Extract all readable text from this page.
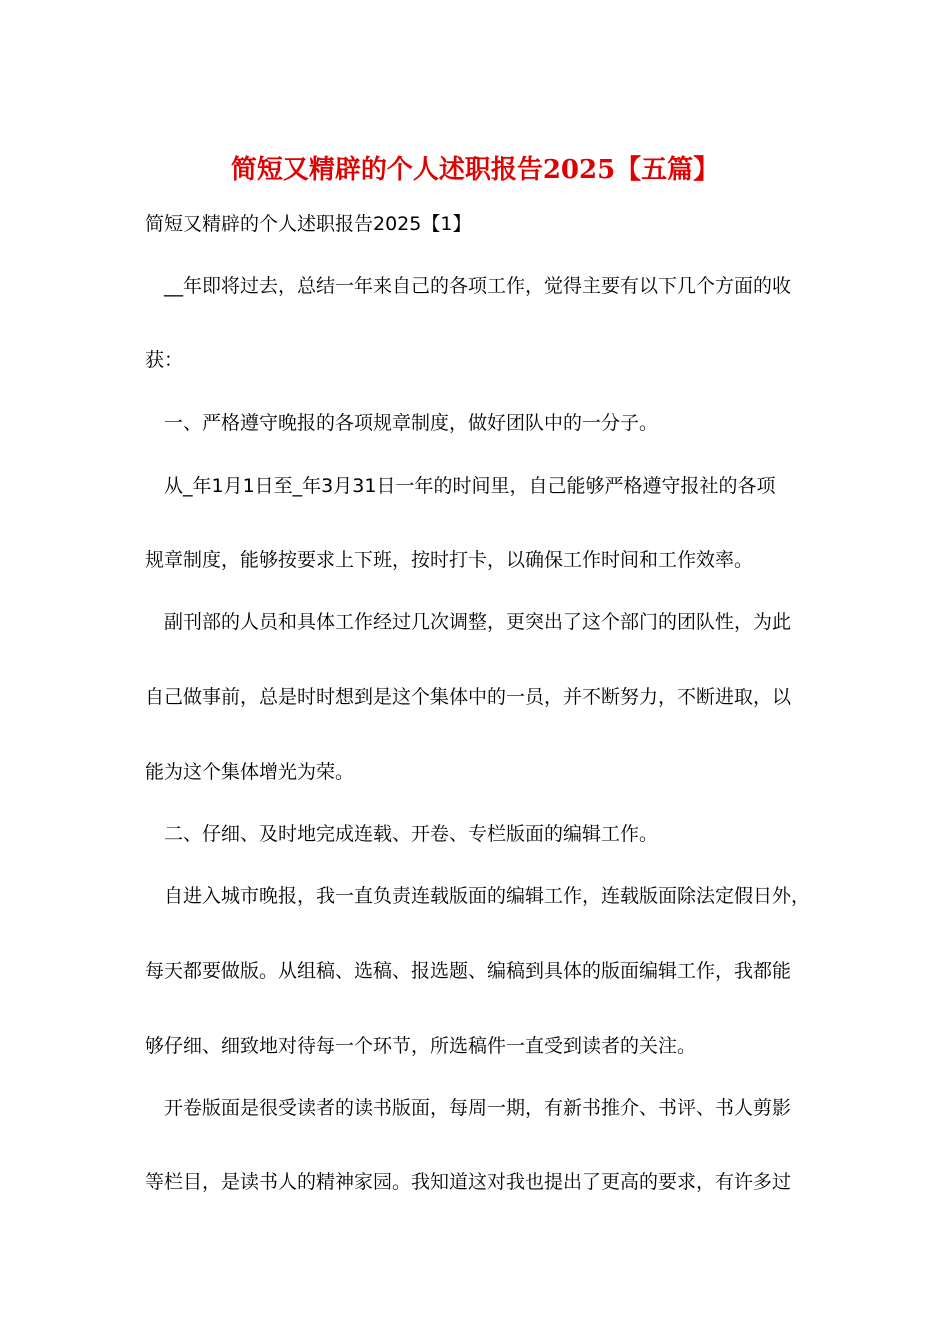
简短又精辟的个人述职报告2025【五篇】
简短又精辟的个人述职报告2025【1】
　__年即将过去，总结一年来自己的各项工作，觉得主要有以下几个方面的收
获：
　一、严格遵守晚报的各项规章制度，做好团队中的一分子。
　从_年1月1日至_年3月31日一年的时间里，自己能够严格遵守报社的各项
规章制度，能够按要求上下班，按时打卡，以确保工作时间和工作效率。
　副刊部的人员和具体工作经过几次调整，更突出了这个部门的团队性，为此
自己做事前，总是时时想到是这个集体中的一员，并不断努力，不断进取，以
能为这个集体增光为荣。
　二、仔细、及时地完成连载、开卷、专栏版面的编辑工作。
　自进入城市晚报，我一直负责连载版面的编辑工作，连载版面除法定假日外，
每天都要做版。从组稿、选稿、报选题、编稿到具体的版面编辑工作，我都能
够仔细、细致地对待每一个环节，所选稿件一直受到读者的关注。
　开卷版面是很受读者的读书版面，每周一期，有新书推介、书评、书人剪影
等栏目，是读书人的精神家园。我知道这对我也提出了更高的要求，有许多过
